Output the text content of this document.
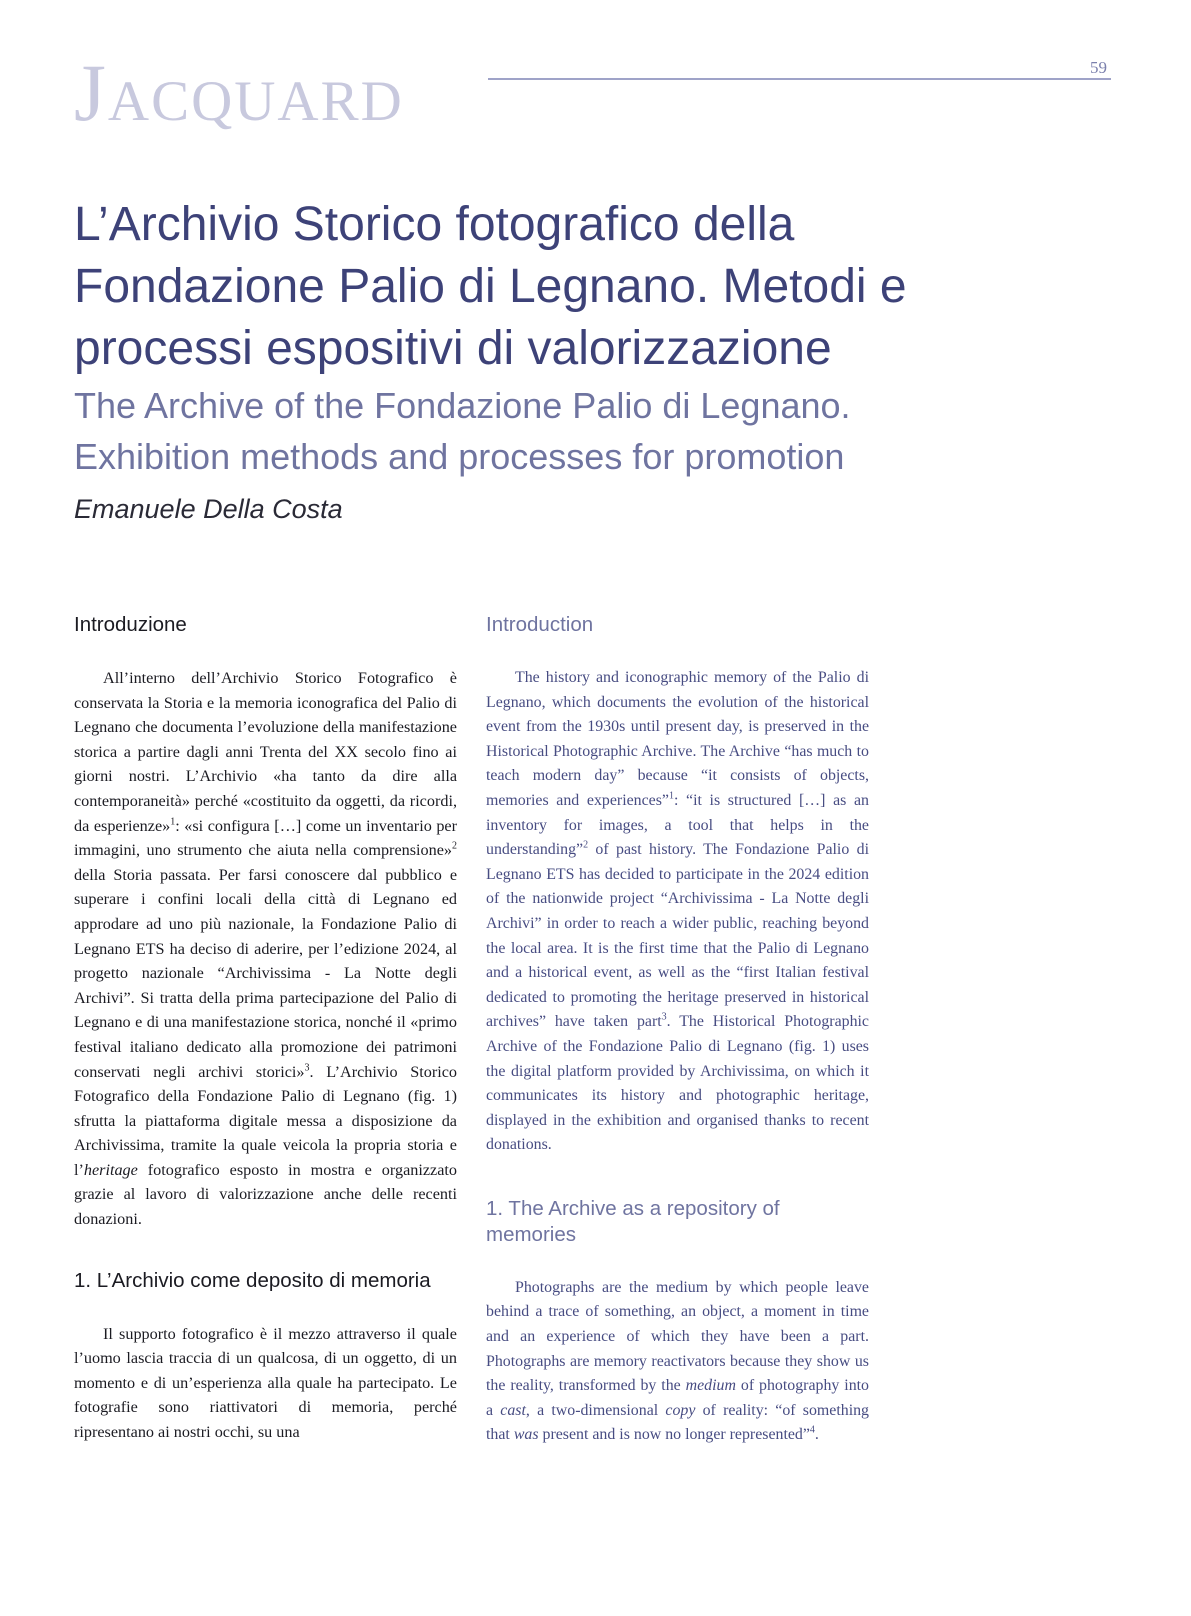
Jacquard	59
L’Archivio Storico fotografico della Fondazione Palio di Legnano. Metodi e processi espositivi di valorizzazione
The Archive of the Fondazione Palio di Legnano. Exhibition methods and processes for promotion

Emanuele Della Costa

Introduzione

All’interno dell’Archivio Storico Fotografico è conservata la Storia e la memoria iconografica del Palio di Legnano che documenta l’evoluzione della manifestazione storica a partire dagli anni Trenta del XX secolo fino ai giorni nostri. L’Archivio «ha tanto da dire alla contemporaneità» perché «costituito da oggetti, da ricordi, da esperienze»$^1$: «si configura […] come un inventario per immagini, uno strumento che aiuta nella comprensione»$^2$ della Storia passata. Per farsi conoscere dal pubblico e superare i confini locali della città di Legnano ed approdare ad uno più nazionale, la Fondazione Palio di Legnano ETS ha deciso di aderire, per l’edizione 2024, al progetto nazionale “Archivissima - La Notte degli Archivi”. Si tratta della prima partecipazione del Palio di Legnano e di una manifestazione storica, nonché il «primo festival italiano dedicato alla promozione dei patrimoni conservati negli archivi storici»$^3$. L’Archivio Storico Fotografico della Fondazione Palio di Legnano (fig. 1) sfrutta la piattaforma digitale messa a disposizione da Archivissima, tramite la quale veicola la propria storia e l’heritage fotografico esposto in mostra e organizzato grazie al lavoro di valorizzazione anche delle recenti donazioni.

1. L’Archivio come deposito di memoria

Il supporto fotografico è il mezzo attraverso il quale l’uomo lascia traccia di un qualcosa, di un oggetto, di un momento e di un’esperienza alla quale ha partecipato. Le fotografie sono riattivatori di memoria, perché ripresentano ai nostri occhi, su una

Introduction

The history and iconographic memory of the Palio di Legnano, which documents the evolution of the historical event from the 1930s until present day, is preserved in the Historical Photographic Archive. The Archive “has much to teach modern day” because “it consists of objects, memories and experiences”$^1$: “it is structured […] as an inventory for images, a tool that helps in the understanding”$^2$ of past history. The Fondazione Palio di Legnano ETS has decided to participate in the 2024 edition of the nationwide project “Archivissima - La Notte degli Archivi” in order to reach a wider public, reaching beyond the local area. It is the first time that the Palio di Legnano and a historical event, as well as the “first Italian festival dedicated to promoting the heritage preserved in historical archives” have taken part$^3$. The Historical Photographic Archive of the Fondazione Palio di Legnano (fig. 1) uses the digital platform provided by Archivissima, on which it communicates its history and photographic heritage, displayed in the exhibition and organised thanks to recent donations.

1. The Archive as a repository of memories

Photographs are the medium by which people leave behind a trace of something, an object, a moment in time and an experience of which they have been a part. Photographs are memory reactivators because they show us the reality, transformed by the medium of photography into a cast, a two-dimensional copy of reality: “of something that was present and is now no longer represented”$^4$.
